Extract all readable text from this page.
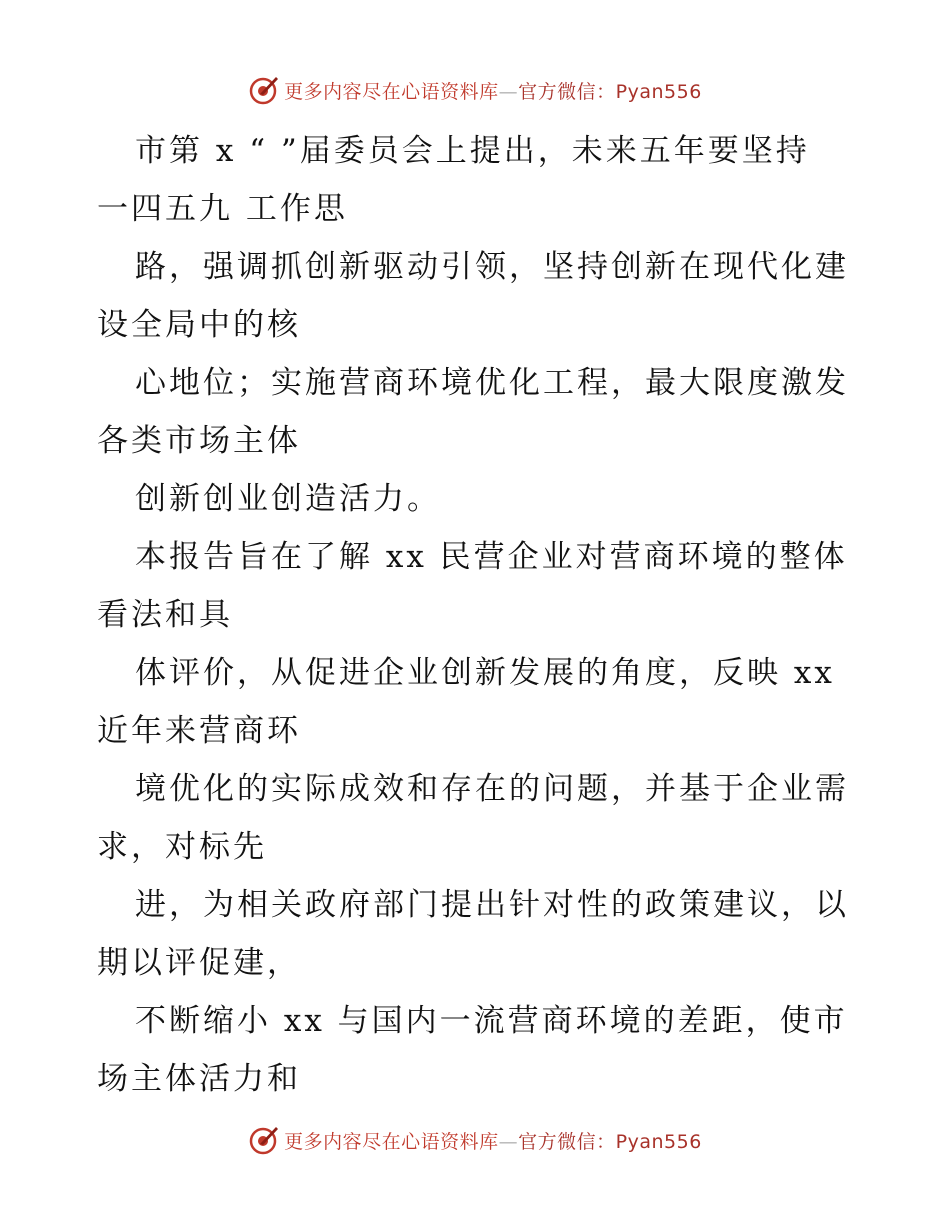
更多内容尽在心语资料库—官方微信：Pyan556
市第 x “ ”届委员会上提出，未来五年要坚持
一四五九 工作思
路，强调抓创新驱动引领，坚持创新在现代化建
设全局中的核
心地位；实施营商环境优化工程，最大限度激发
各类市场主体
创新创业创造活力。
本报告旨在了解 xx 民营企业对营商环境的整体
看法和具
体评价，从促进企业创新发展的角度，反映 xx
近年来营商环
境优化的实际成效和存在的问题，并基于企业需
求，对标先
进，为相关政府部门提出针对性的政策建议，以
期以评促建，
不断缩小 xx 与国内一流营商环境的差距，使市
场主体活力和
更多内容尽在心语资料库—官方微信：Pyan556
